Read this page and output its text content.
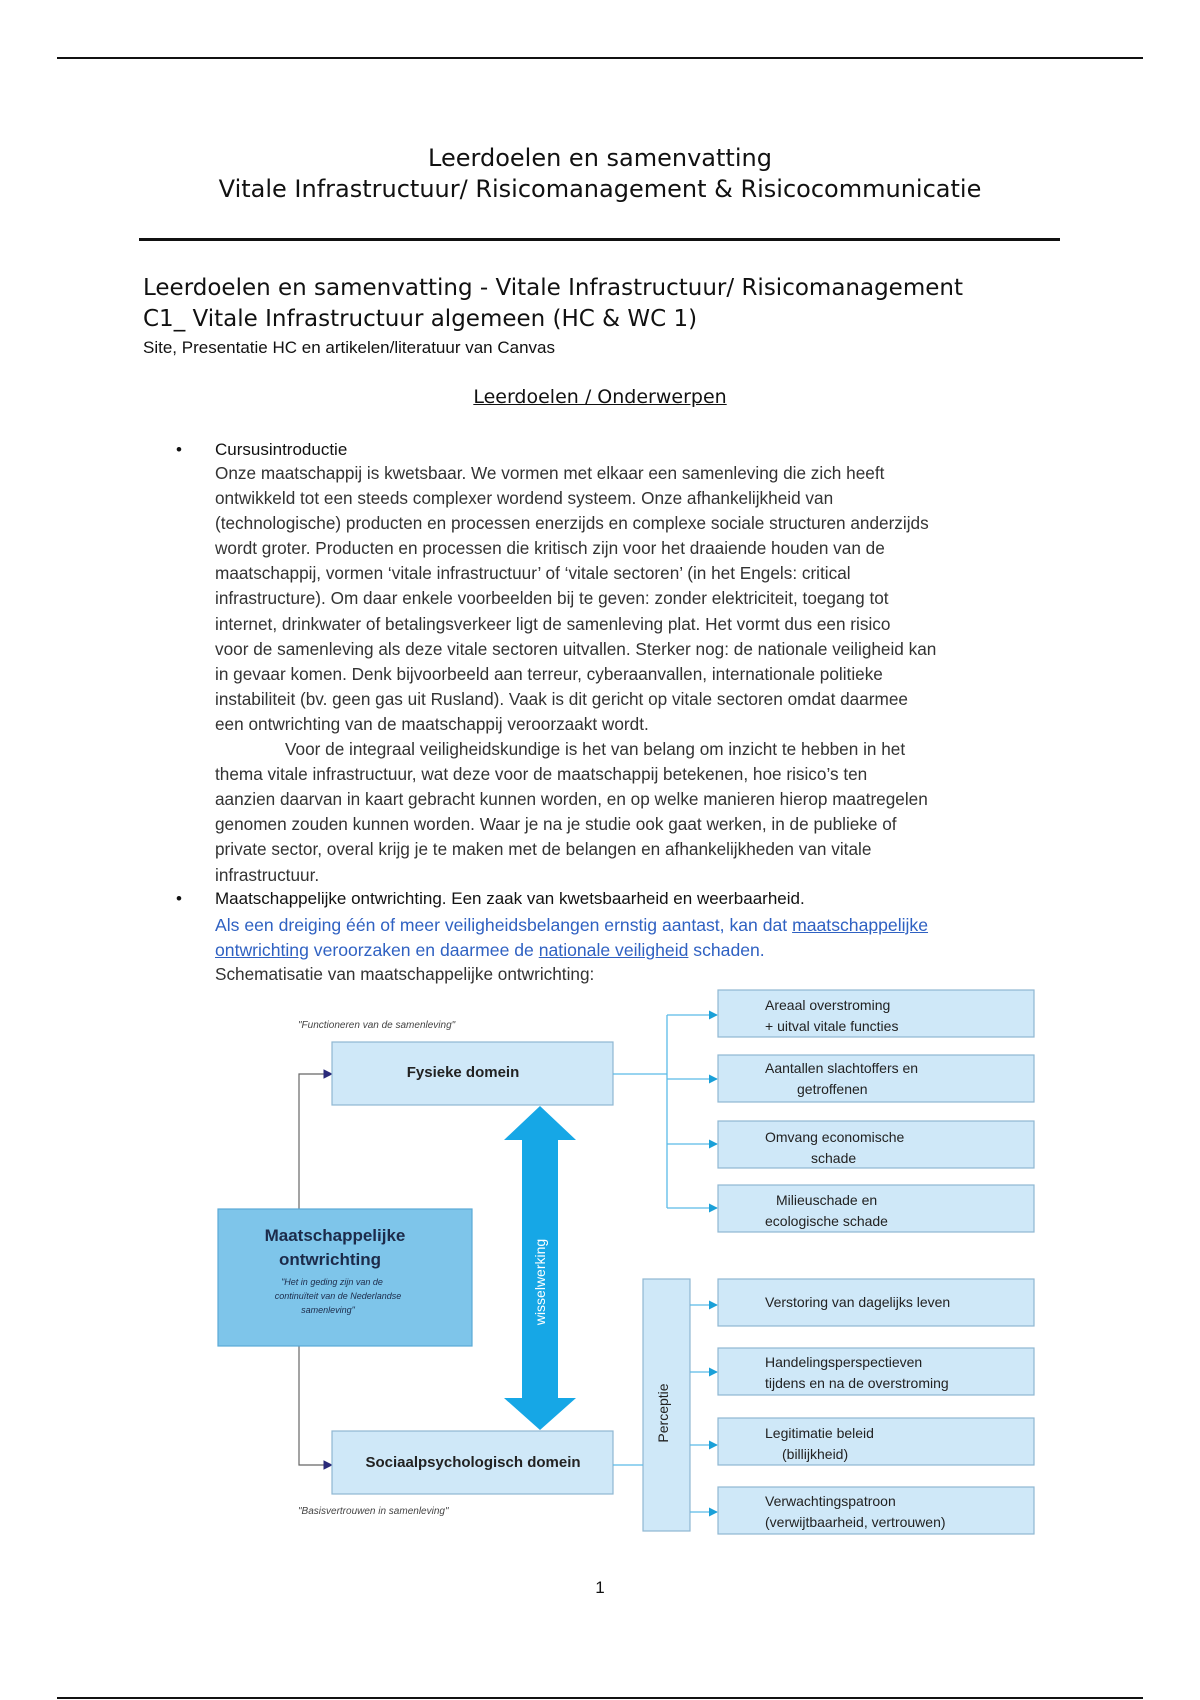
Leerdoelen en samenvatting
Vitale Infrastructuur/ Risicomanagement & Risicocommunicatie
Leerdoelen en samenvatting - Vitale Infrastructuur/ Risicomanagement
C1_ Vitale Infrastructuur algemeen (HC & WC 1)
Site, Presentatie HC en artikelen/literatuur van Canvas
Leerdoelen / Onderwerpen
• Cursusintroductie
Onze maatschappij is kwetsbaar. We vormen met elkaar een samenleving die zich heeft
ontwikkeld tot een steeds complexer wordend systeem. Onze afhankelijkheid van
(technologische) producten en processen enerzijds en complexe sociale structuren anderzijds
wordt groter. Producten en processen die kritisch zijn voor het draaiende houden van de
maatschappij, vormen ‘vitale infrastructuur’ of ‘vitale sectoren’ (in het Engels: critical
infrastructure). Om daar enkele voorbeelden bij te geven: zonder elektriciteit, toegang tot
internet, drinkwater of betalingsverkeer ligt de samenleving plat. Het vormt dus een risico
voor de samenleving als deze vitale sectoren uitvallen. Sterker nog: de nationale veiligheid kan
in gevaar komen. Denk bijvoorbeeld aan terreur, cyberaanvallen, internationale politieke
instabiliteit (bv. geen gas uit Rusland). Vaak is dit gericht op vitale sectoren omdat daarmee
een ontwrichting van de maatschappij veroorzaakt wordt.
Voor de integraal veiligheidskundige is het van belang om inzicht te hebben in het
thema vitale infrastructuur, wat deze voor de maatschappij betekenen, hoe risico’s ten
aanzien daarvan in kaart gebracht kunnen worden, en op welke manieren hierop maatregelen
genomen zouden kunnen worden. Waar je na je studie ook gaat werken, in de publieke of
private sector, overal krijg je te maken met de belangen en afhankelijkheden van vitale
infrastructuur.
• Maatschappelijke ontwrichting. Een zaak van kwetsbaarheid en weerbaarheid.
Als een dreiging één of meer veiligheidsbelangen ernstig aantast, kan dat maatschappelijke
ontwrichting veroorzaken en daarmee de nationale veiligheid schaden.
Schematisatie van maatschappelijke ontwrichting:
"Functioneren van de samenleving"
Fysieke domein
Sociaalpsychologisch domein
"Basisvertrouwen in samenleving"
Maatschappelijke
ontwrichting
"Het in geding zijn van de
continuïteit van de Nederlandse
samenleving"	wisselwerking
Perceptie
Areaal overstroming
+ uitval vitale functies
Aantallen slachtoffers en
getroffenen
Omvang economische
schade
Milieuschade en
ecologische schade
Verstoring van dagelijks leven
Handelingsperspectieven
tijdens en na de overstroming
Legitimatie beleid
(billijkheid)
Verwachtingspatroon
(verwijtbaarheid, vertrouwen)
1
